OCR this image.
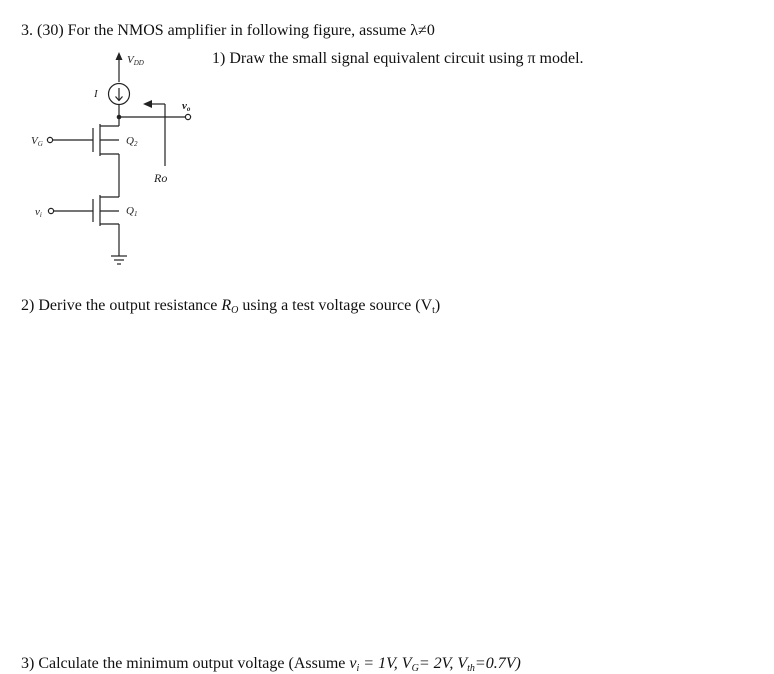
3. (30) For the NMOS amplifier in following figure, assume λ≠0
1) Draw the small signal equivalent circuit using π model.
2) Derive the output resistance $R_O$ using a test voltage source $(V_t)$
3) Calculate the minimum output voltage (Assume $v_i = 1V$, $V_G= 2V$, $V_{th}=0.7V$)
VDD
I
vo
VG
vi
Q2
Q1
Ro
